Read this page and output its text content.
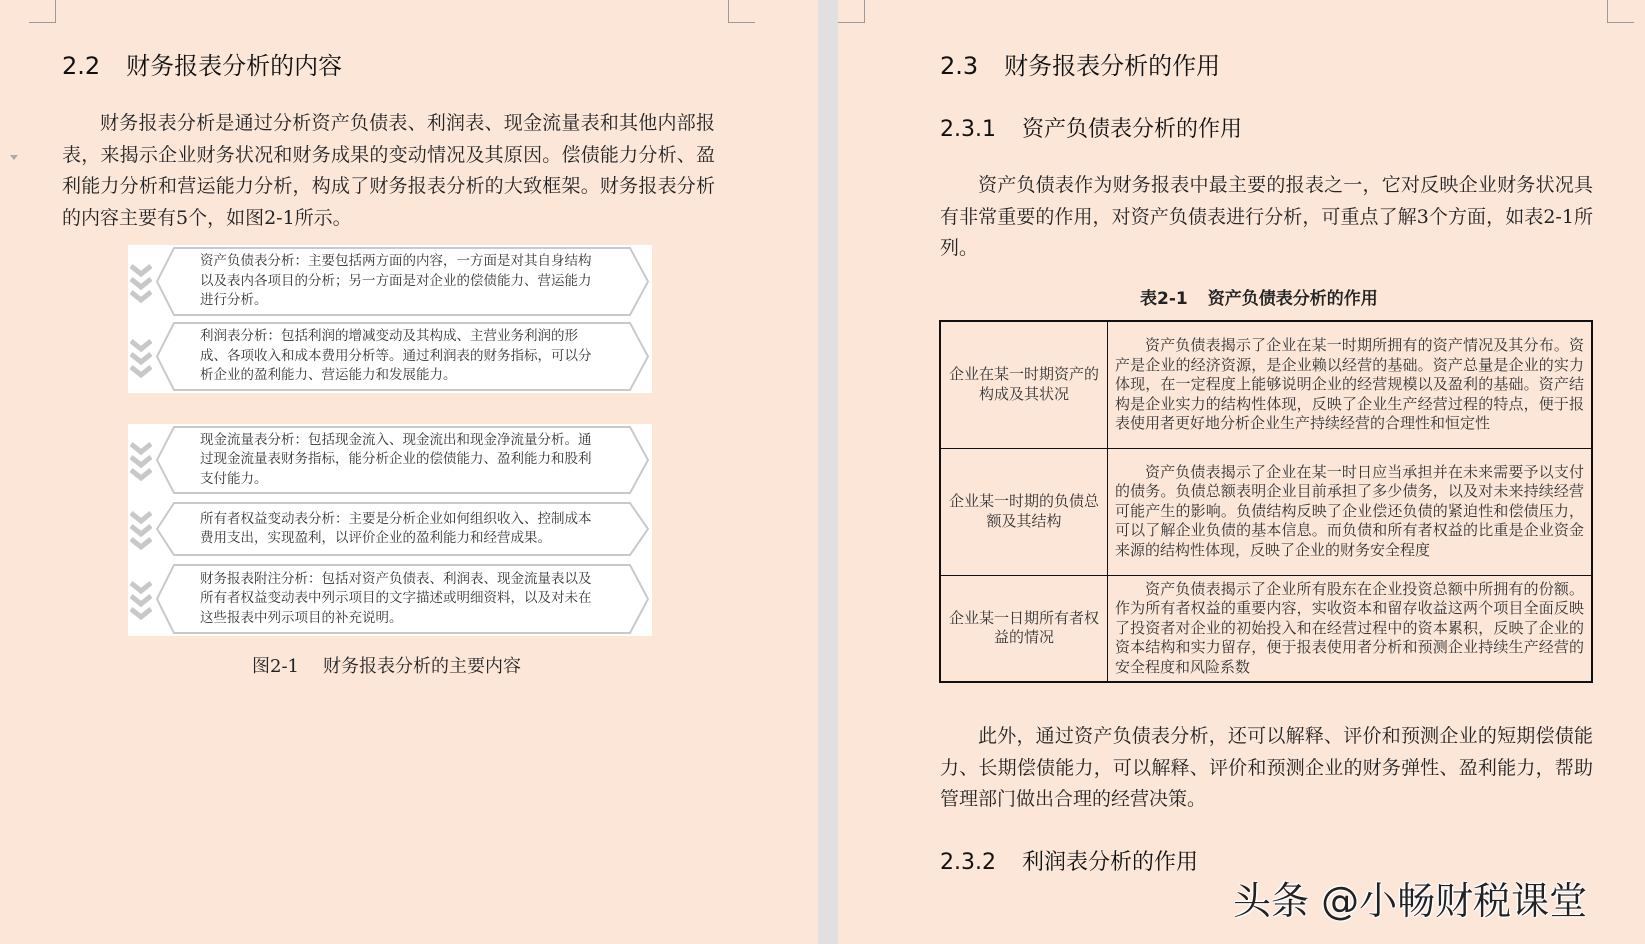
2.2 财务报表分析的内容

财务报表分析是通过分析资产负债表、利润表、现金流量表和其他内部报表，来揭示企业财务状况和财务成果的变动情况及其原因。偿债能力分析、盈利能力分析和营运能力分析，构成了财务报表分析的大致框架。财务报表分析的内容主要有5个，如图2-1所示。

资产负债表分析：主要包括两方面的内容，一方面是对其自身结构以及表内各项目的分析；另一方面是对企业的偿债能力、营运能力进行分析。
利润表分析：包括利润的增减变动及其构成、主营业务利润的形成、各项收入和成本费用分析等。通过利润表的财务指标，可以分析企业的盈利能力、营运能力和发展能力。
现金流量表分析：包括现金流入、现金流出和现金净流量分析。通过现金流量表财务指标，能分析企业的偿债能力、盈利能力和股利支付能力。
所有者权益变动表分析：主要是分析企业如何组织收入、控制成本费用支出，实现盈利，以评价企业的盈利能力和经营成果。
财务报表附注分析：包括对资产负债表、利润表、现金流量表以及所有者权益变动表中列示项目的文字描述或明细资料，以及对未在这些报表中列示项目的补充说明。
图2-1 财务报表分析的主要内容
2.3 财务报表分析的作用
2.3.1 资产负债表分析的作用

资产负债表作为财务报表中最主要的报表之一，它对反映企业财务状况具有非常重要的作用，对资产负债表进行分析，可重点了解3个方面，如表2-1所列。

此外，通过资产负债表分析，还可以解释、评价和预测企业的短期偿债能力、长期偿债能力，可以解释、评价和预测企业的财务弹性、盈利能力，帮助管理部门做出合理的经营决策。

2.3.2 利润表分析的作用
表2-1 资产负债表分析的作用
企业在某一时期资产的构成及其状况	资产负债表揭示了企业在某一时期所拥有的资产情况及其分布。资产是企业的经济资源，是企业赖以经营的基础。资产总量是企业的实力体现，在一定程度上能够说明企业的经营规模以及盈利的基础。资产结构是企业实力的结构性体现，反映了企业生产经营过程的特点，便于报表使用者更好地分析企业生产持续经营的合理性和恒定性
企业某一时期的负债总额及其结构	资产负债表揭示了企业在某一时日应当承担并在未来需要予以支付的债务。负债总额表明企业目前承担了多少债务，以及对未来持续经营可能产生的影响。负债结构反映了企业偿还负债的紧迫性和偿债压力，可以了解企业负债的基本信息。而负债和所有者权益的比重是企业资金来源的结构性体现，反映了企业的财务安全程度
企业某一日期所有者权益的情况	资产负债表揭示了企业所有股东在企业投资总额中所拥有的份额。作为所有者权益的重要内容，实收资本和留存收益这两个项目全面反映了投资者对企业的初始投入和在经营过程中的资本累积，反映了企业的资本结构和实力留存，便于报表使用者分析和预测企业持续生产经营的安全程度和风险系数
头条 @小畅财税课堂
